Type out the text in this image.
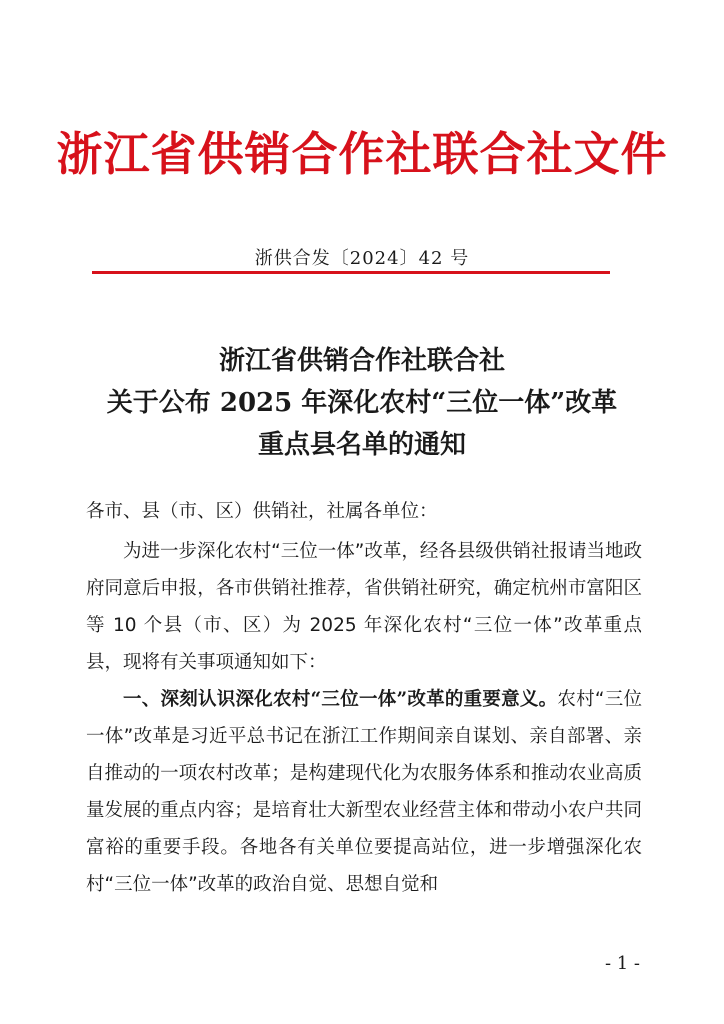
浙江省供销合作社联合社文件
浙供合发〔2024〕42 号
浙江省供销合作社联合社
关于公布 2025 年深化农村“三位一体”改革
重点县名单的通知
各市、县（市、区）供销社，社属各单位：
为进一步深化农村“三位一体”改革，经各县级供销社报请当地政府同意后申报，各市供销社推荐，省供销社研究，确定杭州市富阳区等 10 个县（市、区）为 2025 年深化农村“三位一体”改革重点县，现将有关事项通知如下：
一、深刻认识深化农村“三位一体”改革的重要意义。农村“三位一体”改革是习近平总书记在浙江工作期间亲自谋划、亲自部署、亲自推动的一项农村改革；是构建现代化为农服务体系和推动农业高质量发展的重点内容；是培育壮大新型农业经营主体和带动小农户共同富裕的重要手段。各地各有关单位要提高站位，进一步增强深化农村“三位一体”改革的政治自觉、思想自觉和
- 1 -
